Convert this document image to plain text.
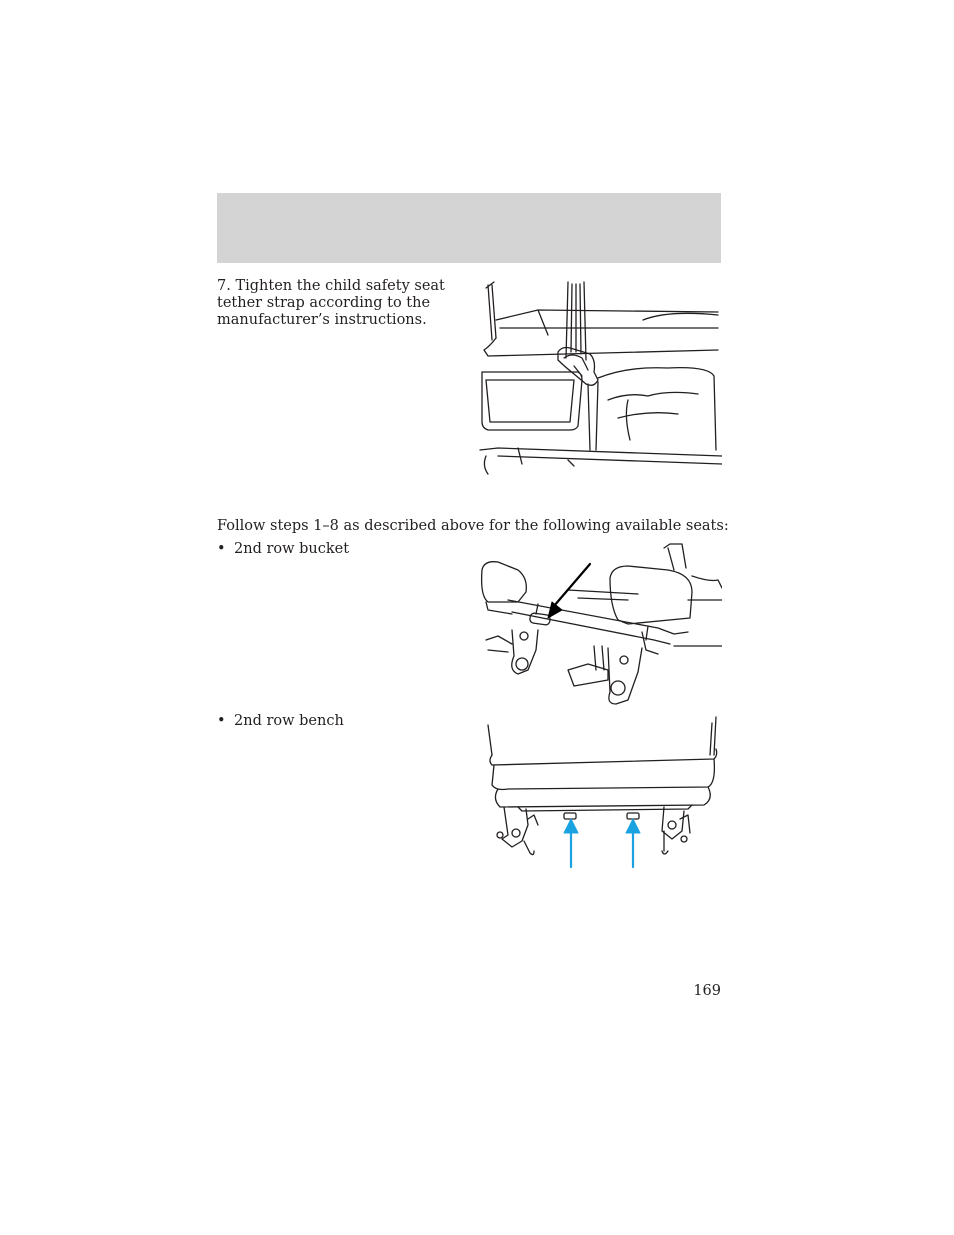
7. Tighten the child safety seat
tether strap according to the
manufacturer’s instructions.
Follow steps 1–8 as described above for the following available seats:
• 2nd row bucket
• 2nd row bench
169
